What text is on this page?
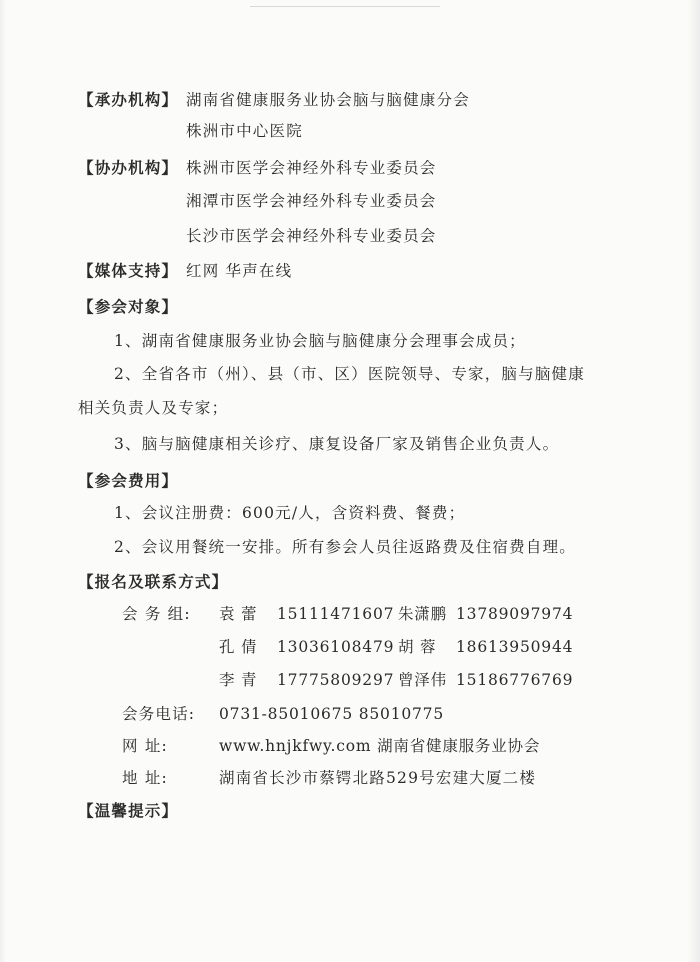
【承办机构】 湖南省健康服务业协会脑与脑健康分会
株洲市中心医院
【协办机构】 株洲市医学会神经外科专业委员会
湘潭市医学会神经外科专业委员会
长沙市医学会神经外科专业委员会
【媒体支持】 红网 华声在线
【参会对象】
1、湖南省健康服务业协会脑与脑健康分会理事会成员；
2、全省各市（州）、县（市、区）医院领导、专家，脑与脑健康
相关负责人及专家；
3、脑与脑健康相关诊疗、康复设备厂家及销售企业负责人。
【参会费用】
1、会议注册费：600元/人，含资料费、餐费；
2、会议用餐统一安排。所有参会人员往返路费及住宿费自理。
【报名及联系方式】
会 务 组: 袁 蕾 15111471607 朱潇鹏 13789097974
孔 倩 13036108479 胡 蓉 18613950944
李 青 17775809297 曾泽伟 15186776769
会务电话: 0731-85010675 85010775
网 址:	www.hnjkfwy.com 湖南省健康服务业协会
地 址:	湖南省长沙市蔡锷北路529号宏建大厦二楼
【温馨提示】
